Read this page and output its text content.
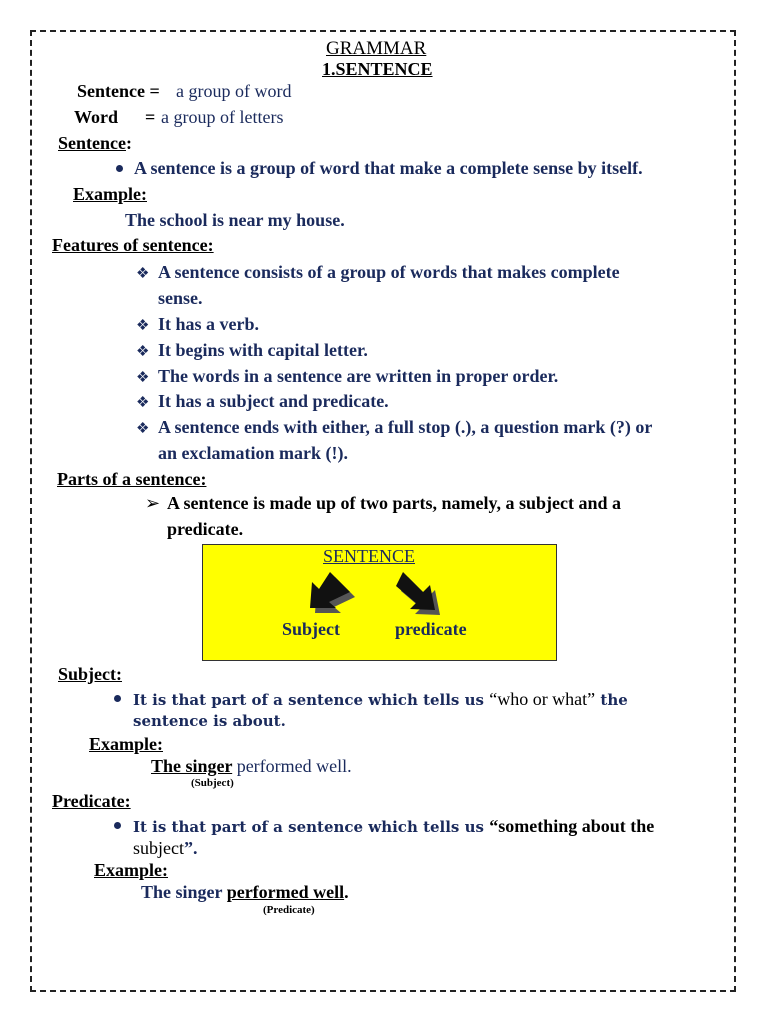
GRAMMAR
1.SENTENCE
Sentence = a group of word
Word = a group of letters
Sentence:
A sentence is a group of word that make a complete sense by itself.
Example:
The school is near my house.
Features of sentence:
❖ A sentence consists of a group of words that makes complete
sense.
❖ It has a verb.
❖ It begins with capital letter.
❖ The words in a sentence are written in proper order.
❖ It has a subject and predicate.
❖ A sentence ends with either, a full stop (.), a question mark (?) or
an exclamation mark (!).
Parts of a sentence:
➢ A sentence is made up of two parts, namely, a subject and a
predicate.
SENTENCE
Subject	predicate
Subject:
It is that part of a sentence which tells us “who or what” the
sentence is about.
Example:
The singer performed well.
(Subject)
Predicate:
It is that part of a sentence which tells us “something about the
subject”.
Example:
The singer performed well.
(Predicate)
